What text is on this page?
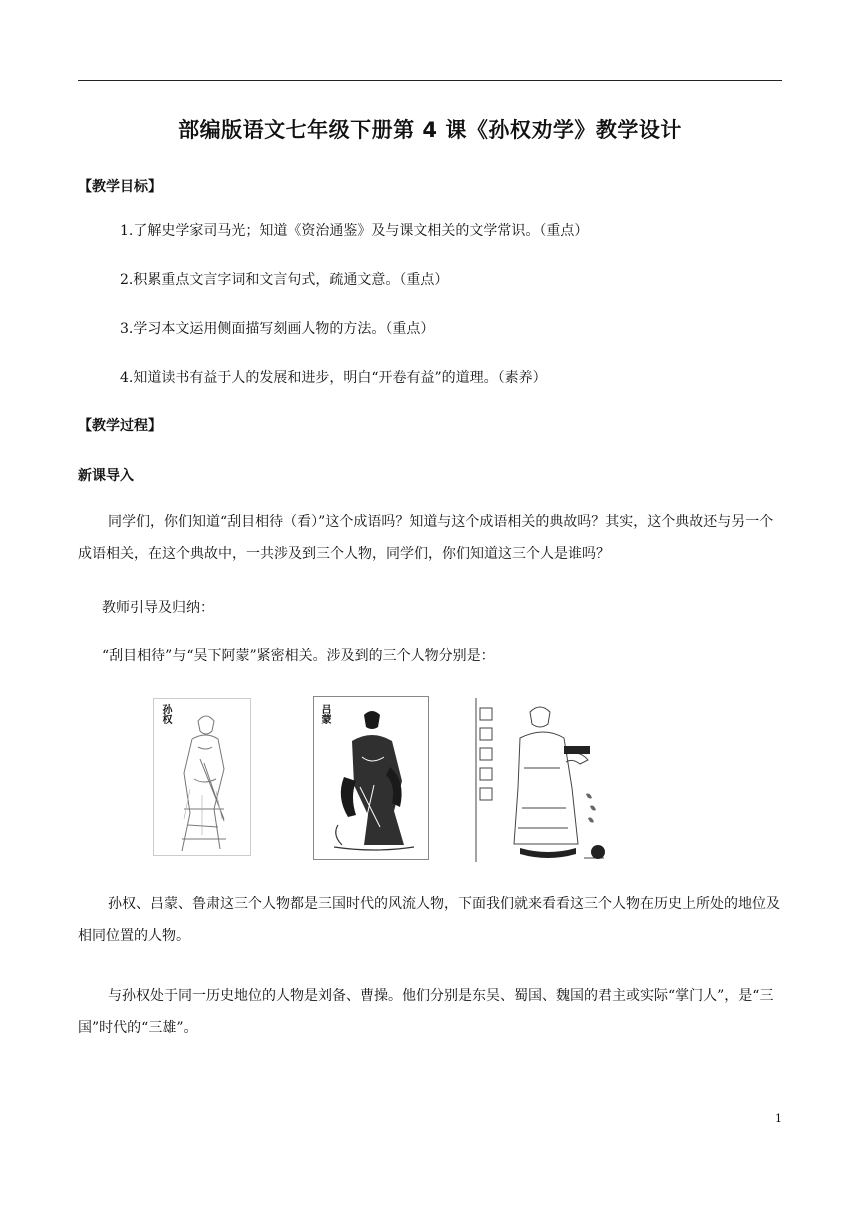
部编版语文七年级下册第 4 课《孙权劝学》教学设计
【教学目标】
1.了解史学家司马光；知道《资治通鉴》及与课文相关的文学常识。（重点）
2.积累重点文言字词和文言句式，疏通文意。（重点）
3.学习本文运用侧面描写刻画人物的方法。（重点）
4.知道读书有益于人的发展和进步，明白“开卷有益”的道理。（素养）
【教学过程】
新课导入

同学们，你们知道“刮目相待（看）”这个成语吗？知道与这个成语相关的典故吗？其实，这个典故还与另一个成语相关，在这个典故中，一共涉及到三个人物，同学们，你们知道这三个人是谁吗？

教师引导及归纳：
“刮目相待”与“吴下阿蒙”紧密相关。涉及到的三个人物分别是：
孙权	吕蒙

孙权、吕蒙、鲁肃这三个人物都是三国时代的风流人物，下面我们就来看看这三个人物在历史上所处的地位及相同位置的人物。

与孙权处于同一历史地位的人物是刘备、曹操。他们分别是东吴、蜀国、魏国的君主或实际“掌门人”，是“三国”时代的“三雄”。

1
